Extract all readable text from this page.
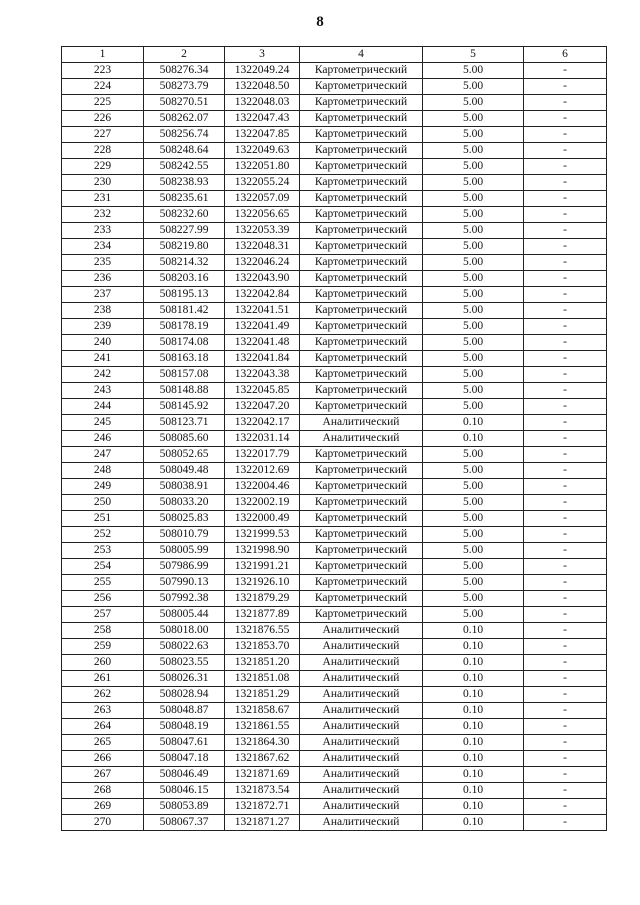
8
1	2	3	4	5	6
223	508276.34	1322049.24	Картометрический	5.00	-
224	508273.79	1322048.50	Картометрический	5.00	-
225	508270.51	1322048.03	Картометрический	5.00	-
226	508262.07	1322047.43	Картометрический	5.00	-
227	508256.74	1322047.85	Картометрический	5.00	-
228	508248.64	1322049.63	Картометрический	5.00	-
229	508242.55	1322051.80	Картометрический	5.00	-
230	508238.93	1322055.24	Картометрический	5.00	-
231	508235.61	1322057.09	Картометрический	5.00	-
232	508232.60	1322056.65	Картометрический	5.00	-
233	508227.99	1322053.39	Картометрический	5.00	-
234	508219.80	1322048.31	Картометрический	5.00	-
235	508214.32	1322046.24	Картометрический	5.00	-
236	508203.16	1322043.90	Картометрический	5.00	-
237	508195.13	1322042.84	Картометрический	5.00	-
238	508181.42	1322041.51	Картометрический	5.00	-
239	508178.19	1322041.49	Картометрический	5.00	-
240	508174.08	1322041.48	Картометрический	5.00	-
241	508163.18	1322041.84	Картометрический	5.00	-
242	508157.08	1322043.38	Картометрический	5.00	-
243	508148.88	1322045.85	Картометрический	5.00	-
244	508145.92	1322047.20	Картометрический	5.00	-
245	508123.71	1322042.17	Аналитический	0.10	-
246	508085.60	1322031.14	Аналитический	0.10	-
247	508052.65	1322017.79	Картометрический	5.00	-
248	508049.48	1322012.69	Картометрический	5.00	-
249	508038.91	1322004.46	Картометрический	5.00	-
250	508033.20	1322002.19	Картометрический	5.00	-
251	508025.83	1322000.49	Картометрический	5.00	-
252	508010.79	1321999.53	Картометрический	5.00	-
253	508005.99	1321998.90	Картометрический	5.00	-
254	507986.99	1321991.21	Картометрический	5.00	-
255	507990.13	1321926.10	Картометрический	5.00	-
256	507992.38	1321879.29	Картометрический	5.00	-
257	508005.44	1321877.89	Картометрический	5.00	-
258	508018.00	1321876.55	Аналитический	0.10	-
259	508022.63	1321853.70	Аналитический	0.10	-
260	508023.55	1321851.20	Аналитический	0.10	-
261	508026.31	1321851.08	Аналитический	0.10	-
262	508028.94	1321851.29	Аналитический	0.10	-
263	508048.87	1321858.67	Аналитический	0.10	-
264	508048.19	1321861.55	Аналитический	0.10	-
265	508047.61	1321864.30	Аналитический	0.10	-
266	508047.18	1321867.62	Аналитический	0.10	-
267	508046.49	1321871.69	Аналитический	0.10	-
268	508046.15	1321873.54	Аналитический	0.10	-
269	508053.89	1321872.71	Аналитический	0.10	-
270	508067.37	1321871.27	Аналитический	0.10	-
